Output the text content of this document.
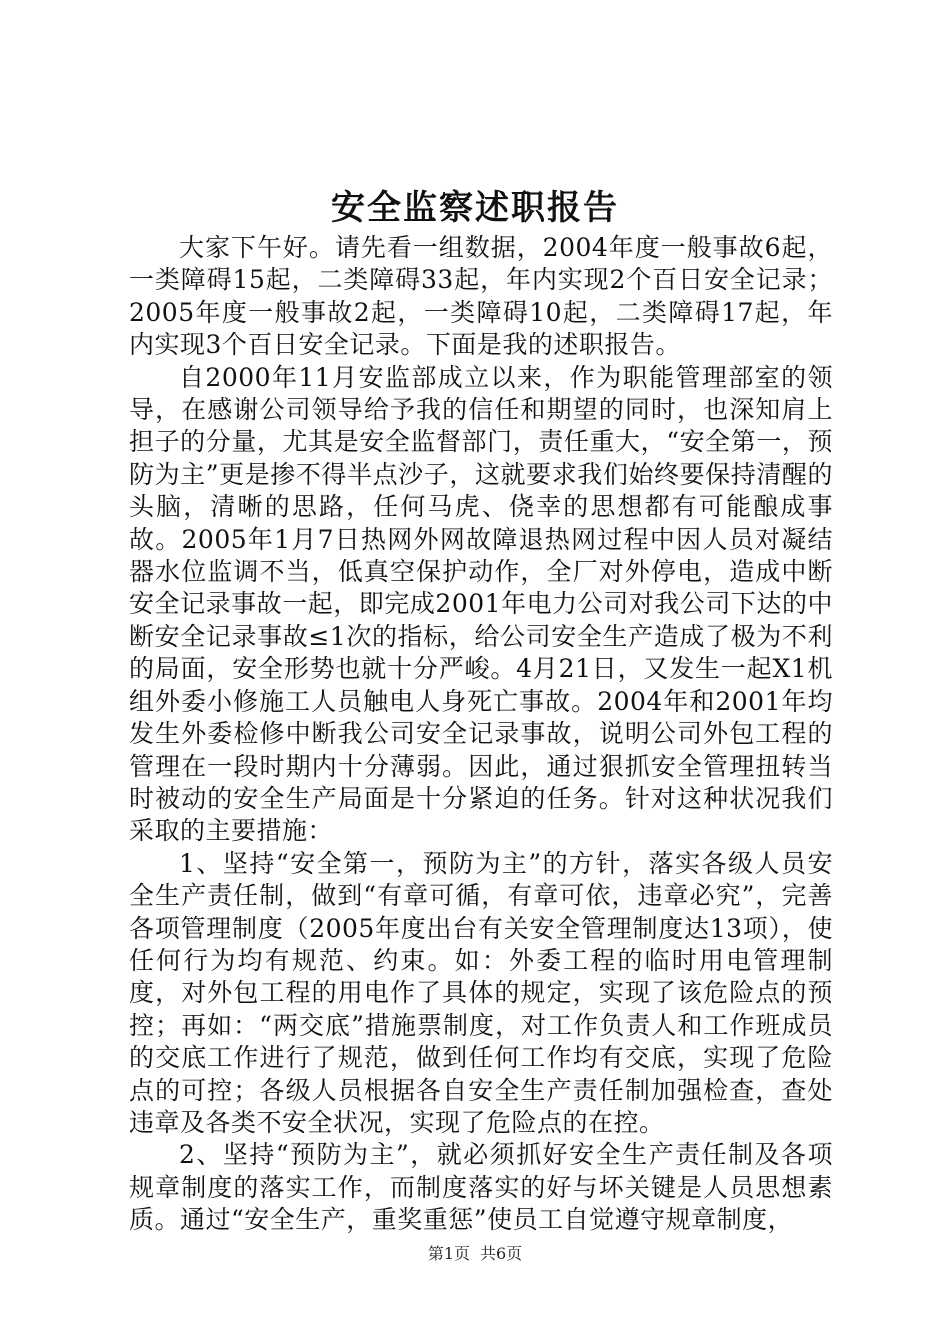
安全监察述职报告

大家下午好。请先看一组数据，2004年度一般事故6起，一类障碍15起，二类障碍33起，年内实现2个百日安全记录；2005年度一般事故2起，一类障碍10起，二类障碍17起，年内实现3个百日安全记录。下面是我的述职报告。

自2000年11月安监部成立以来，作为职能管理部室的领导，在感谢公司领导给予我的信任和期望的同时，也深知肩上担子的分量，尤其是安全监督部门，责任重大，“安全第一，预防为主”更是掺不得半点沙子，这就要求我们始终要保持清醒的头脑，清晰的思路，任何马虎、侥幸的思想都有可能酿成事故。2005年1月7日热网外网故障退热网过程中因人员对凝结器水位监调不当，低真空保护动作，全厂对外停电，造成中断安全记录事故一起，即完成2001年电力公司对我公司下达的中断安全记录事故≤1次的指标，给公司安全生产造成了极为不利的局面，安全形势也就十分严峻。4月21日，又发生一起X1机组外委小修施工人员触电人身死亡事故。2004年和2001年均发生外委检修中断我公司安全记录事故，说明公司外包工程的管理在一段时期内十分薄弱。因此，通过狠抓安全管理扭转当时被动的安全生产局面是十分紧迫的任务。针对这种状况我们采取的主要措施：

1、坚持“安全第一，预防为主”的方针，落实各级人员安全生产责任制，做到“有章可循，有章可依，违章必究”，完善各项管理制度（2005年度出台有关安全管理制度达13项），使任何行为均有规范、约束。如：外委工程的临时用电管理制度，对外包工程的用电作了具体的规定，实现了该危险点的预控；再如：“两交底”措施票制度，对工作负责人和工作班成员的交底工作进行了规范，做到任何工作均有交底，实现了危险点的可控；各级人员根据各自安全生产责任制加强检查，查处违章及各类不安全状况，实现了危险点的在控。

2、坚持“预防为主”，就必须抓好安全生产责任制及各项规章制度的落实工作，而制度落实的好与坏关键是人员思想素质。通过“安全生产，重奖重惩”使员工自觉遵守规章制度，

第1页 共6页
